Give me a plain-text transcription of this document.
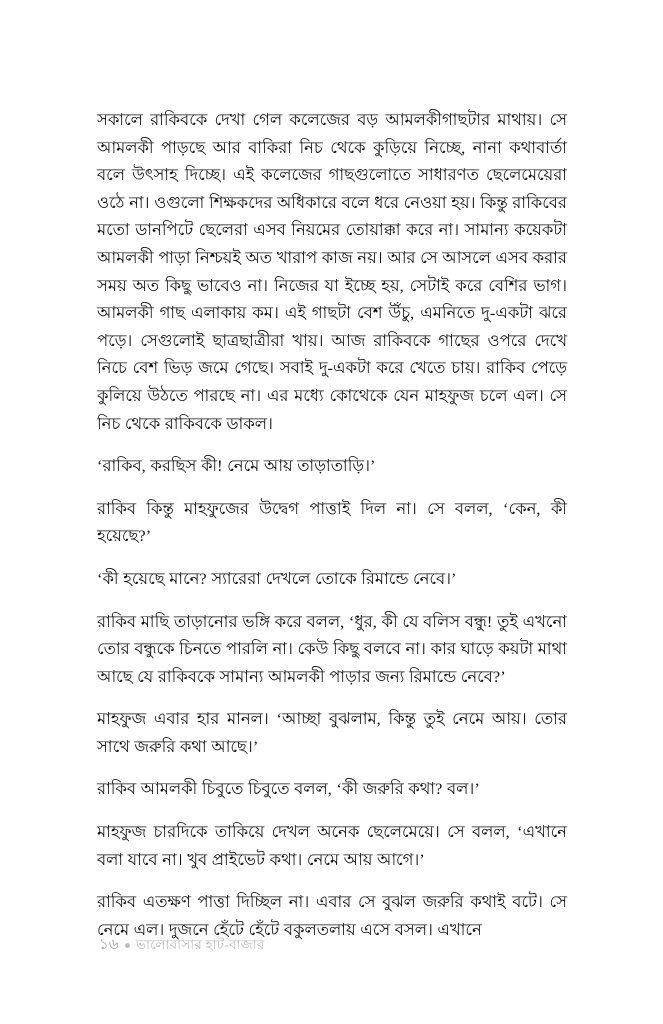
সকালে রাকিবকে দেখা গেল কলেজের বড় আমলকীগাছটার মাথায়। সে আমলকী পাড়ছে আর বাকিরা নিচ থেকে কুড়িয়ে নিচ্ছে, নানা কথাবার্তা বলে উৎসাহ দিচ্ছে। এই কলেজের গাছগুলোতে সাধারণত ছেলেমেয়েরা ওঠে না। ওগুলো শিক্ষকদের অধিকারে বলে ধরে নেওয়া হয়। কিন্তু রাকিবের মতো ডানপিটে ছেলেরা এসব নিয়মের তোয়াক্কা করে না। সামান্য কয়েকটা আমলকী পাড়া নিশ্চয়ই অত খারাপ কাজ নয়। আর সে আসলে এসব করার সময় অত কিছু ভাবেও না। নিজের যা ইচ্ছে হয়, সেটাই করে বেশির ভাগ। আমলকী গাছ এলাকায় কম। এই গাছটা বেশ উঁচু, এমনিতে দু-একটা ঝরে পড়ে। সেগুলোই ছাত্রছাত্রীরা খায়। আজ রাকিবকে গাছের ওপরে দেখে নিচে বেশ ভিড় জমে গেছে। সবাই দু-একটা করে খেতে চায়। রাকিব পেড়ে কুলিয়ে উঠতে পারছে না। এর মধ্যে কোথেকে যেন মাহফুজ চলে এল। সে নিচ থেকে রাকিবকে ডাকল।

‘রাকিব, করছিস কী! নেমে আয় তাড়াতাড়ি।’

রাকিব কিন্তু মাহফুজের উদ্বেগ পাত্তাই দিল না। সে বলল, ‘কেন, কী হয়েছে?’

‘কী হয়েছে মানে? স্যারেরা দেখলে তোকে রিমান্ডে নেবে।’

রাকিব মাছি তাড়ানোর ভঙ্গি করে বলল, ‘ধুর, কী যে বলিস বন্ধু! তুই এখনো তোর বন্ধুকে চিনতে পারলি না। কেউ কিছু বলবে না। কার ঘাড়ে কয়টা মাথা আছে যে রাকিবকে সামান্য আমলকী পাড়ার জন্য রিমান্ডে নেবে?’

মাহফুজ এবার হার মানল। ‘আচ্ছা বুঝলাম, কিন্তু তুই নেমে আয়। তোর সাথে জরুরি কথা আছে।’

রাকিব আমলকী চিবুতে চিবুতে বলল, ‘কী জরুরি কথা? বল।’

মাহফুজ চারদিকে তাকিয়ে দেখল অনেক ছেলেমেয়ে। সে বলল, ‘এখানে বলা যাবে না। খুব প্রাইভেট কথা। নেমে আয় আগে।’

রাকিব এতক্ষণ পাত্তা দিচ্ছিল না। এবার সে বুঝল জরুরি কথাই বটে। সে নেমে এল। দুজনে হেঁটে হেঁটে বকুলতলায় এসে বসল। এখানে

১৬ ভালোবাসার হাট-বাজার
